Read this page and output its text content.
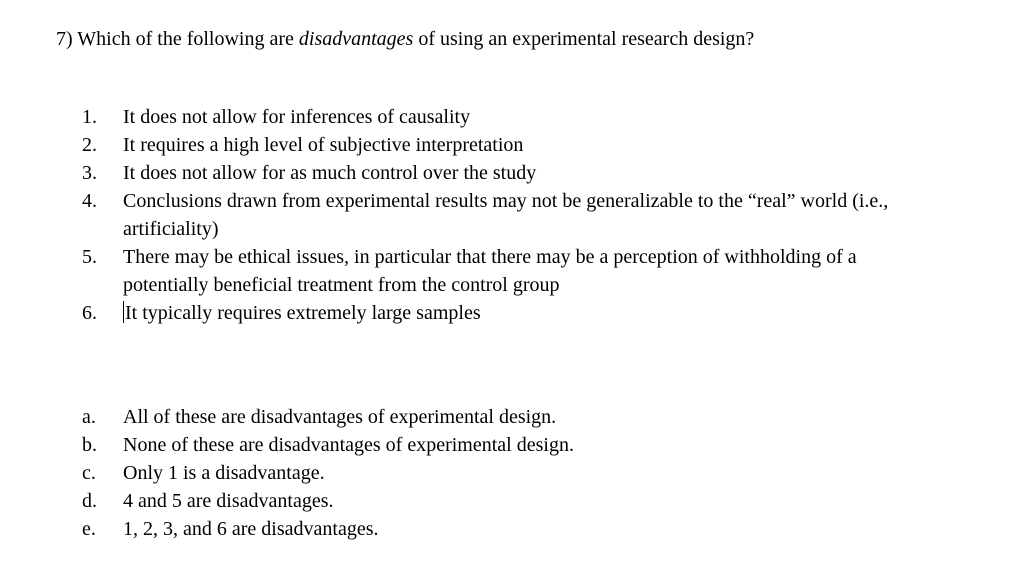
7) Which of the following are disadvantages of using an experimental research design?
1.	It does not allow for inferences of causality
2.	It requires a high level of subjective interpretation
3.	It does not allow for as much control over the study
4.	Conclusions drawn from experimental results may not be generalizable to the “real” world (i.e., artificiality)
5.	There may be ethical issues, in particular that there may be a perception of withholding of a potentially beneficial treatment from the control group
6.	It typically requires extremely large samples
a.	All of these are disadvantages of experimental design.
b.	None of these are disadvantages of experimental design.
c.	Only 1 is a disadvantage.
d.	4 and 5 are disadvantages.
e.	1, 2, 3, and 6 are disadvantages.
